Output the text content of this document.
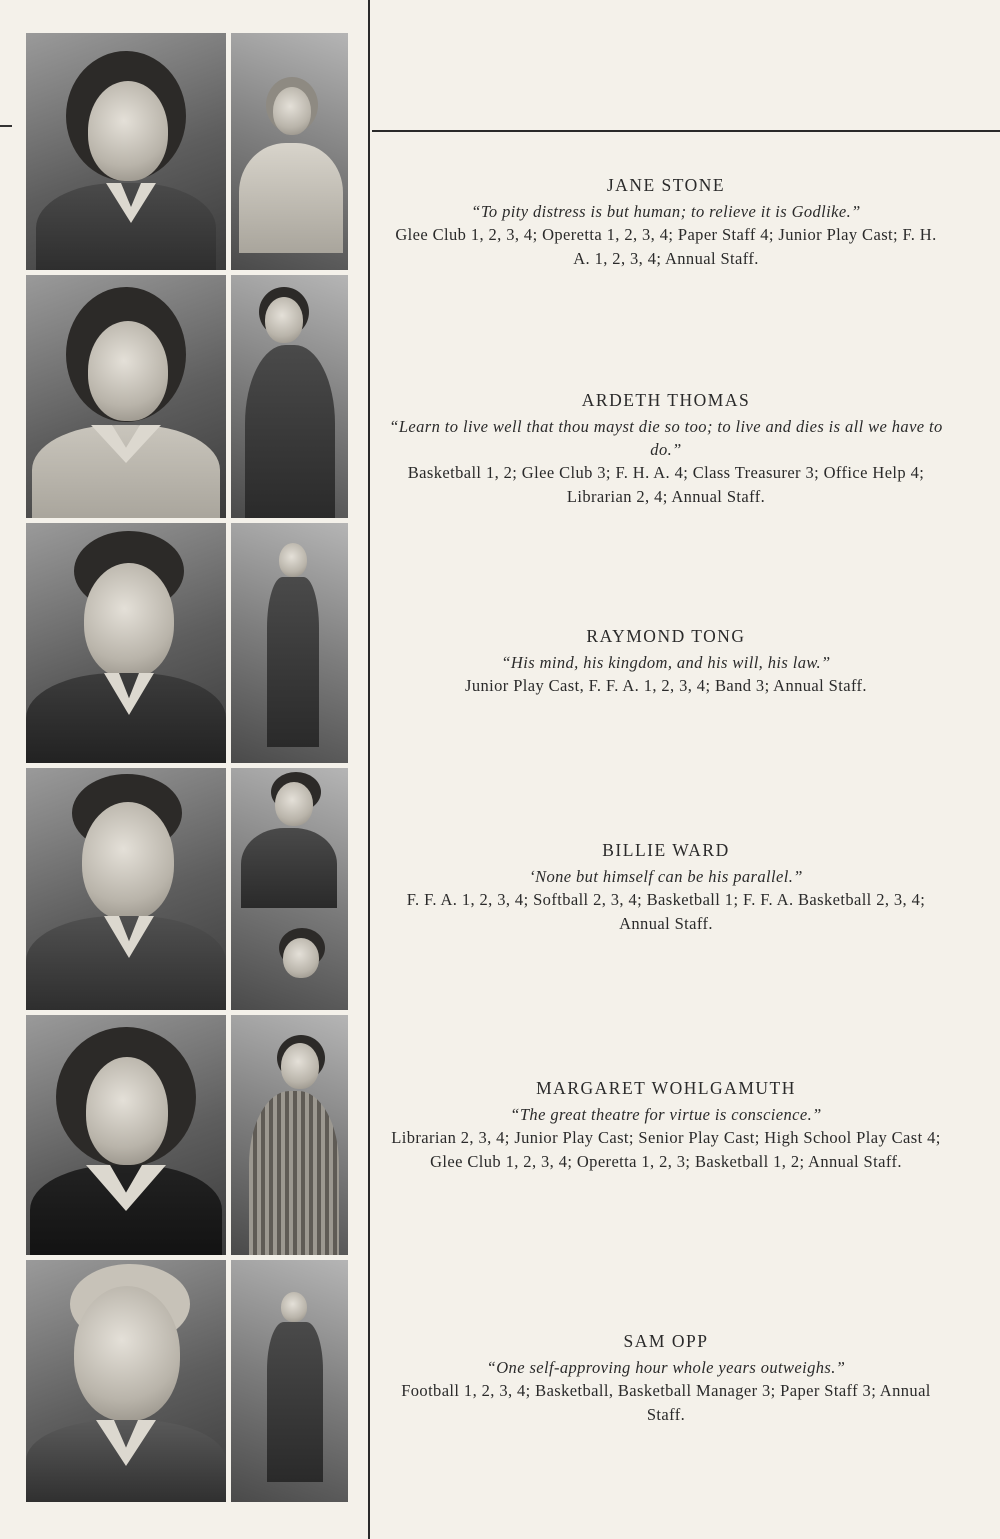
JANE STONE
“To pity distress is but human; to relieve it is Godlike.”
Glee Club 1, 2, 3, 4; Operetta 1, 2, 3, 4; Paper Staff 4; Junior Play Cast; F. H. A. 1, 2, 3, 4; Annual Staff.
ARDETH THOMAS
“Learn to live well that thou mayst die so too; to live and dies is all we have to do.”
Basketball 1, 2; Glee Club 3; F. H. A. 4; Class Treasurer 3; Office Help 4; Librarian 2, 4; Annual Staff.
RAYMOND TONG
“His mind, his kingdom, and his will, his law.”
Junior Play Cast, F. F. A. 1, 2, 3, 4; Band 3; Annual Staff.
BILLIE WARD
‘None but himself can be his parallel.”
F. F. A. 1, 2, 3, 4; Softball 2, 3, 4; Basketball 1; F. F. A. Basketball 2, 3, 4; Annual Staff.
MARGARET WOHLGAMUTH
“The great theatre for virtue is conscience.”
Librarian 2, 3, 4; Junior Play Cast; Senior Play Cast; High School Play Cast 4; Glee Club 1, 2, 3, 4; Operetta 1, 2, 3; Basketball 1, 2; Annual Staff.
SAM OPP
“One self-approving hour whole years outweighs.”
Football 1, 2, 3, 4; Basketball, Basketball Manager 3; Paper Staff 3; Annual Staff.
